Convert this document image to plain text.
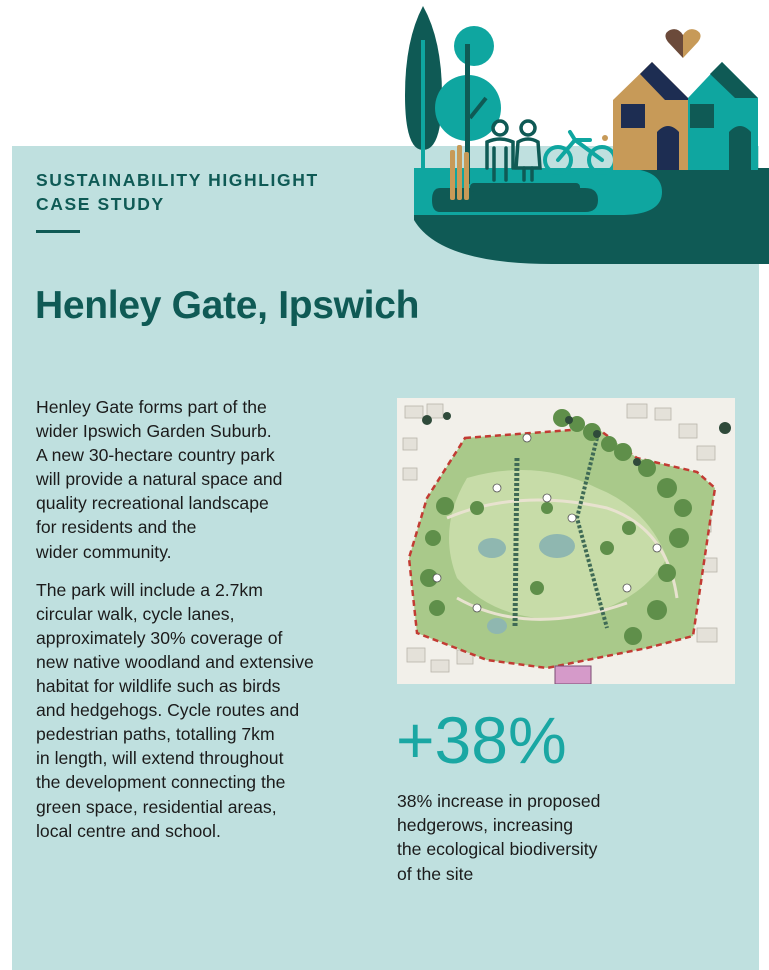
SUSTAINABILITY HIGHLIGHT
CASE STUDY
Henley Gate, Ipswich

Henley Gate forms part of the
wider Ipswich Garden Suburb.
A new 30-hectare country park
will provide a natural space and
quality recreational landscape
for residents and the
wider community.

The park will include a 2.7km
circular walk, cycle lanes,
approximately 30% coverage of
new native woodland and extensive
habitat for wildlife such as birds
and hedgehogs. Cycle routes and
pedestrian paths, totalling 7km
in length, will extend throughout
the development connecting the
green space, residential areas,
local centre and school.

+38%
38% increase in proposed
hedgerows, increasing
the ecological biodiversity
of the site
